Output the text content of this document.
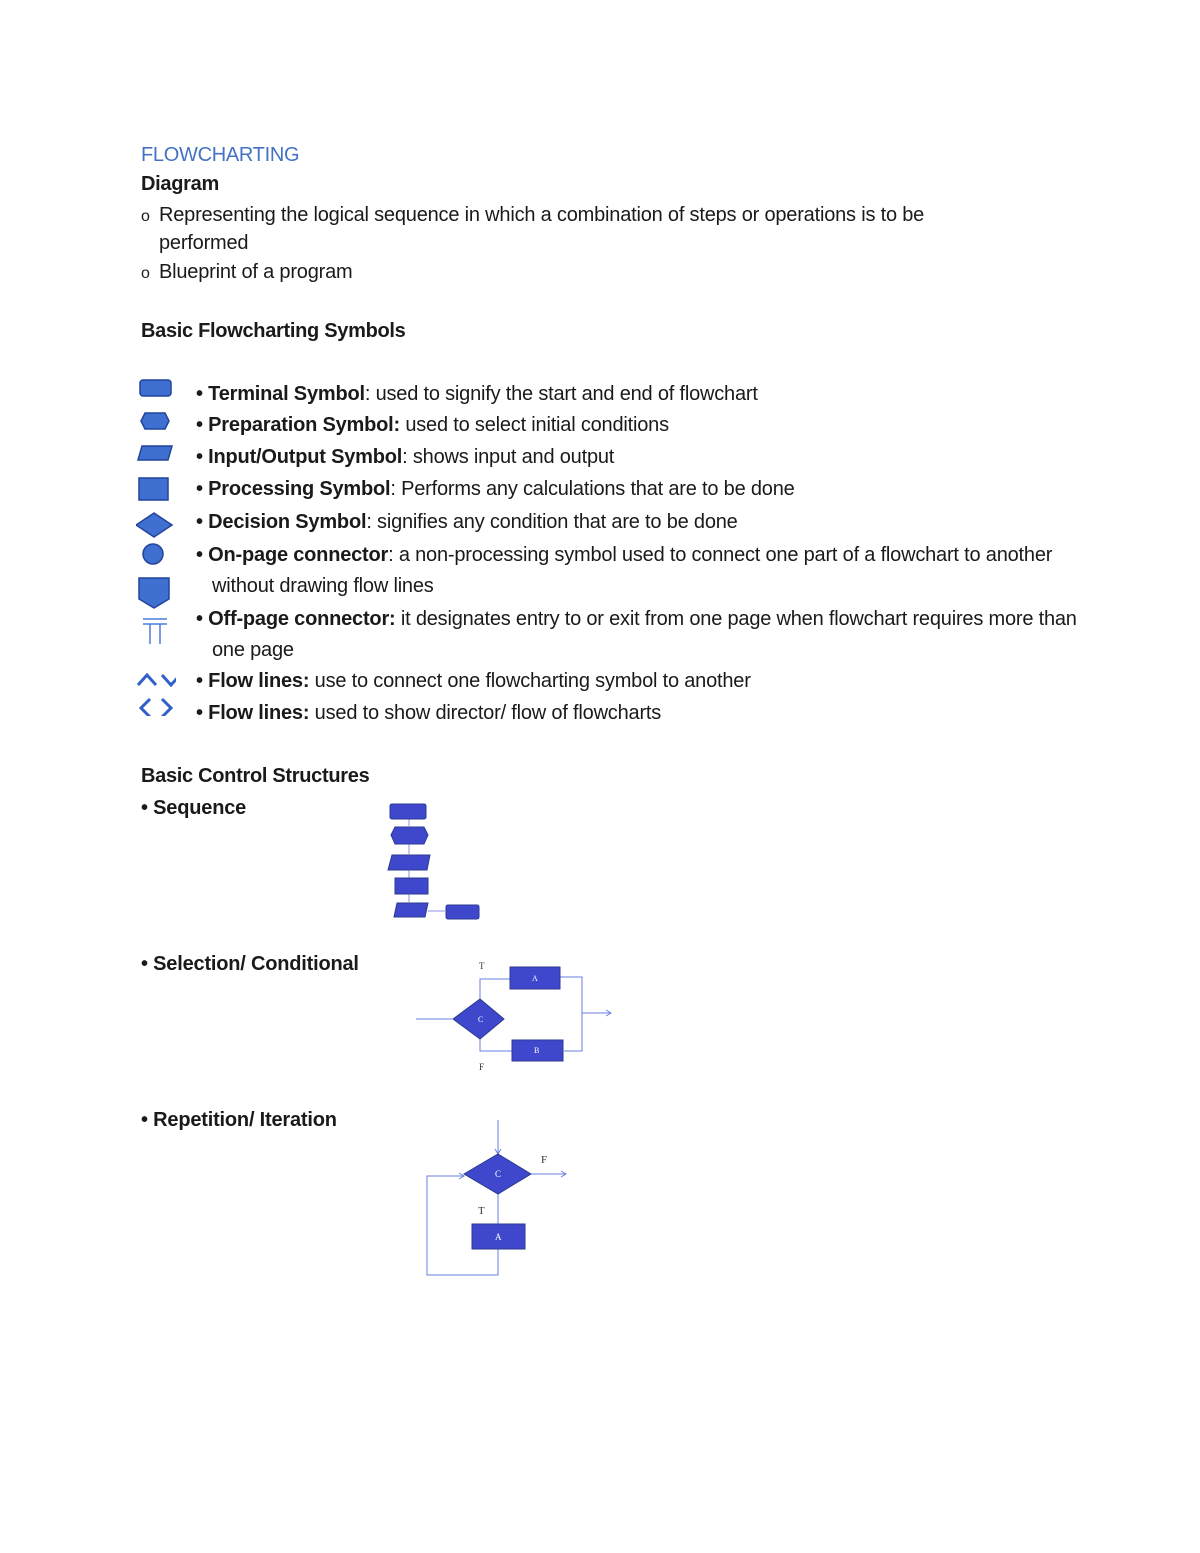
FLOWCHARTING
Diagram
o Representing the logical sequence in which a combination of steps or operations is to be
performed
o Blueprint of a program
Basic Flowcharting Symbols
• Terminal Symbol: used to signify the start and end of flowchart
• Preparation Symbol: used to select initial conditions
• Input/Output Symbol: shows input and output
• Processing Symbol: Performs any calculations that are to be done
• Decision Symbol: signifies any condition that are to be done
• On-page connector: a non-processing symbol used to connect one part of a flowchart to another without drawing flow lines
• Off-page connector: it designates entry to or exit from one page when flowchart requires more than one page
• Flow lines: use to connect one flowcharting symbol to another
• Flow lines: used to show director/ flow of flowcharts
Basic Control Structures
• Sequence
• Selection/ Conditional
• Repetition/ Iteration
C
T
F
A
B
C
F
T
A
